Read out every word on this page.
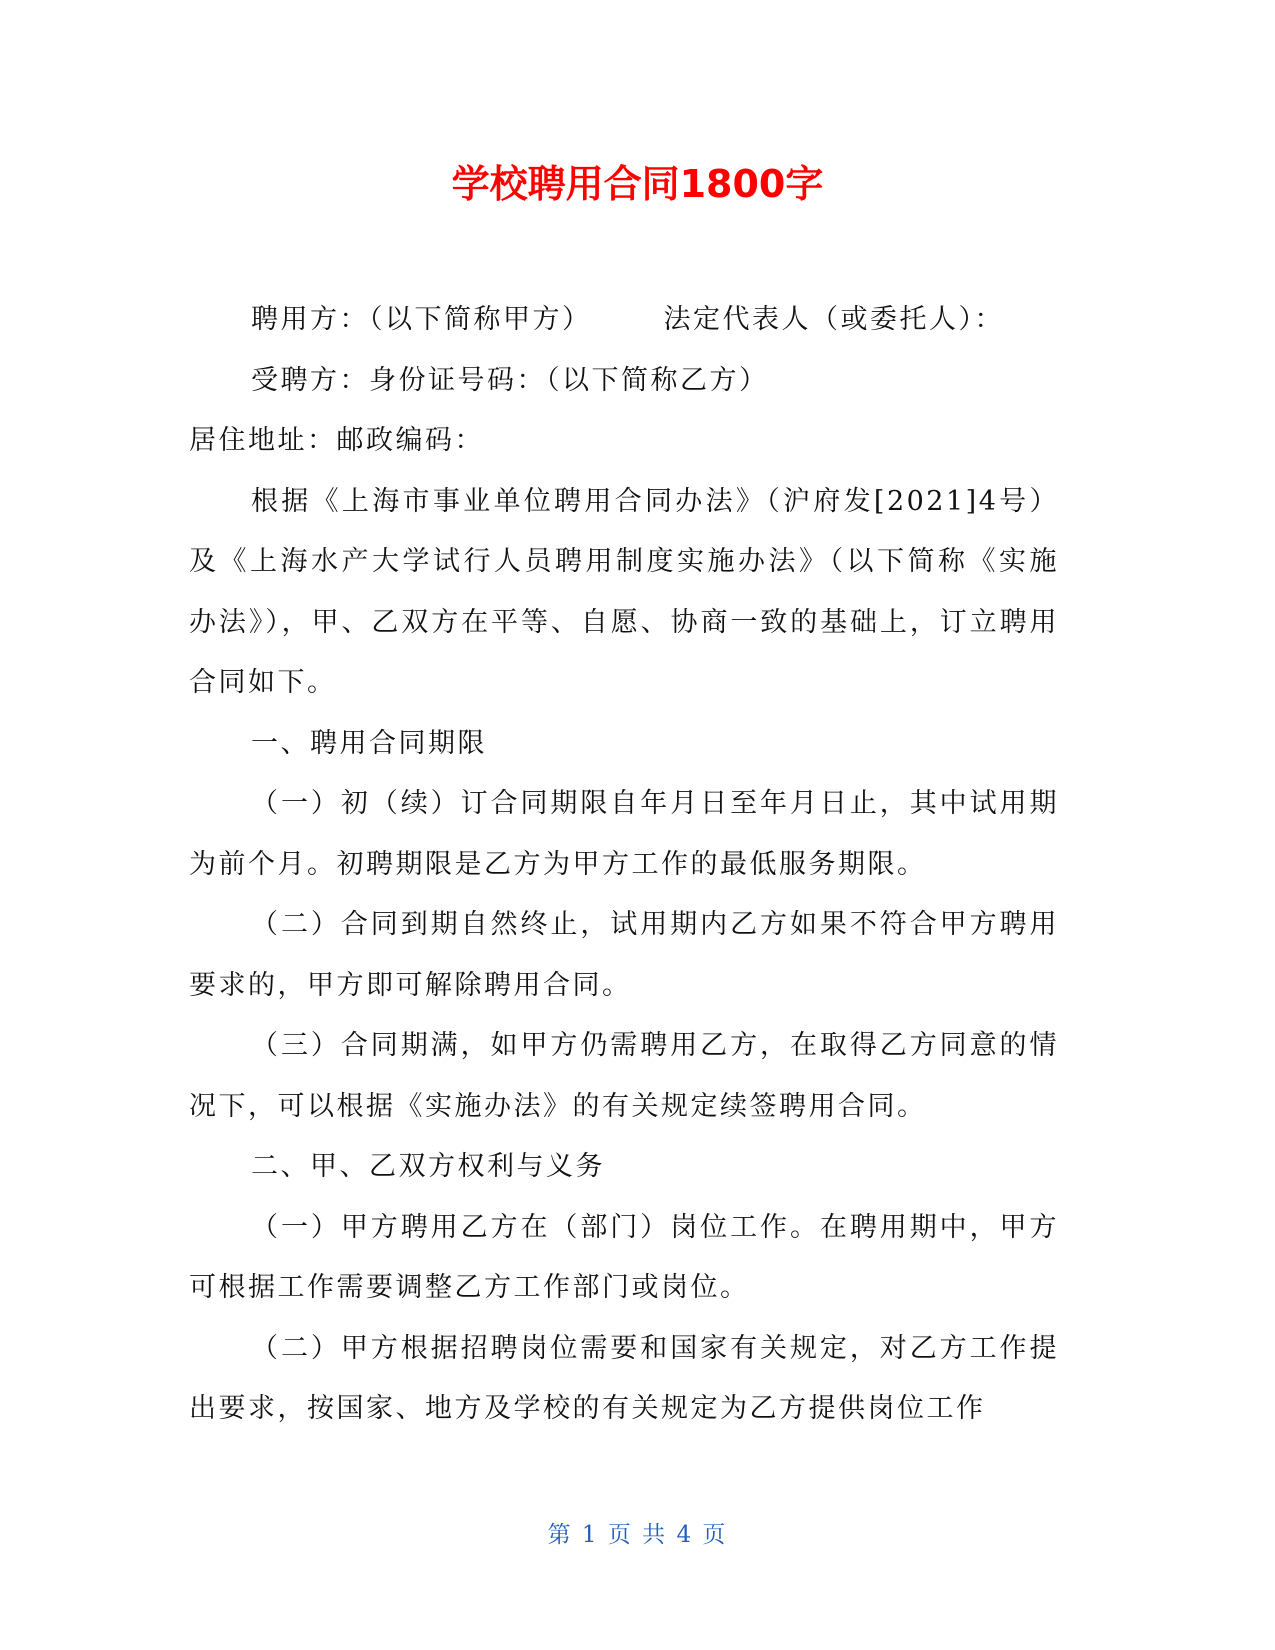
学校聘用合同1800字

聘用方：（以下简称甲方）	法定代表人（或委托人）：

受聘方：身份证号码：（以下简称乙方）

居住地址：邮政编码：

根据《上海市事业单位聘用合同办法》（沪府发[2021]4号）及《上海水产大学试行人员聘用制度实施办法》（以下简称《实施办法》），甲、乙双方在平等、自愿、协商一致的基础上，订立聘用合同如下。

一、聘用合同期限

（一）初（续）订合同期限自年月日至年月日止，其中试用期为前个月。初聘期限是乙方为甲方工作的最低服务期限。

（二）合同到期自然终止，试用期内乙方如果不符合甲方聘用要求的，甲方即可解除聘用合同。

（三）合同期满，如甲方仍需聘用乙方，在取得乙方同意的情况下，可以根据《实施办法》的有关规定续签聘用合同。

二、甲、乙双方权利与义务

（一）甲方聘用乙方在（部门）岗位工作。在聘用期中，甲方可根据工作需要调整乙方工作部门或岗位。

（二）甲方根据招聘岗位需要和国家有关规定，对乙方工作提出要求，按国家、地方及学校的有关规定为乙方提供岗位工作

第 1 页 共 4 页
